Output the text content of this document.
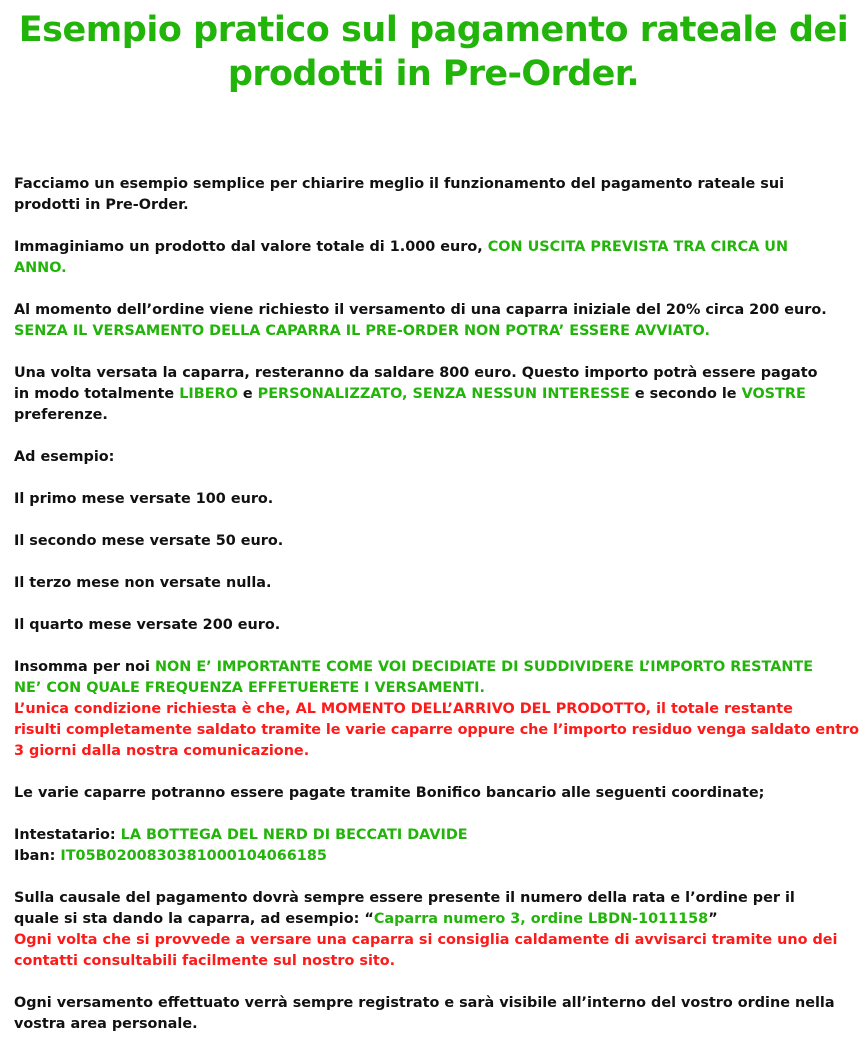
Esempio pratico sul pagamento rateale dei
prodotti in Pre-Order.

Facciamo un esempio semplice per chiarire meglio il funzionamento del pagamento rateale sui
prodotti in Pre-Order.

Immaginiamo un prodotto dal valore totale di 1.000 euro, CON USCITA PREVISTA TRA CIRCA UN
ANNO.

Al momento dell’ordine viene richiesto il versamento di una caparra iniziale del 20% circa 200 euro.
SENZA IL VERSAMENTO DELLA CAPARRA IL PRE-ORDER NON POTRA’ ESSERE AVVIATO.

Una volta versata la caparra, resteranno da saldare 800 euro. Questo importo potrà essere pagato
in modo totalmente LIBERO e PERSONALIZZATO, SENZA NESSUN INTERESSE e secondo le VOSTRE
preferenze.

Ad esempio:

Il primo mese versate 100 euro.

Il secondo mese versate 50 euro.

Il terzo mese non versate nulla.

Il quarto mese versate 200 euro.

Insomma per noi NON E’ IMPORTANTE COME VOI DECIDIATE DI SUDDIVIDERE L’IMPORTO RESTANTE
NE’ CON QUALE FREQUENZA EFFETUERETE I VERSAMENTI.
L’unica condizione richiesta è che, AL MOMENTO DELL’ARRIVO DEL PRODOTTO, il totale restante
risulti completamente saldato tramite le varie caparre oppure che l’importo residuo venga saldato entro
3 giorni dalla nostra comunicazione.

Le varie caparre potranno essere pagate tramite Bonifico bancario alle seguenti coordinate;

Intestatario: LA BOTTEGA DEL NERD DI BECCATI DAVIDE
Iban: IT05B0200830381000104066185

Sulla causale del pagamento dovrà sempre essere presente il numero della rata e l’ordine per il
quale si sta dando la caparra, ad esempio: “Caparra numero 3, ordine LBDN-1011158”
Ogni volta che si provvede a versare una caparra si consiglia caldamente di avvisarci tramite uno dei
contatti consultabili facilmente sul nostro sito.

Ogni versamento effettuato verrà sempre registrato e sarà visibile all’interno del vostro ordine nella
vostra area personale.
